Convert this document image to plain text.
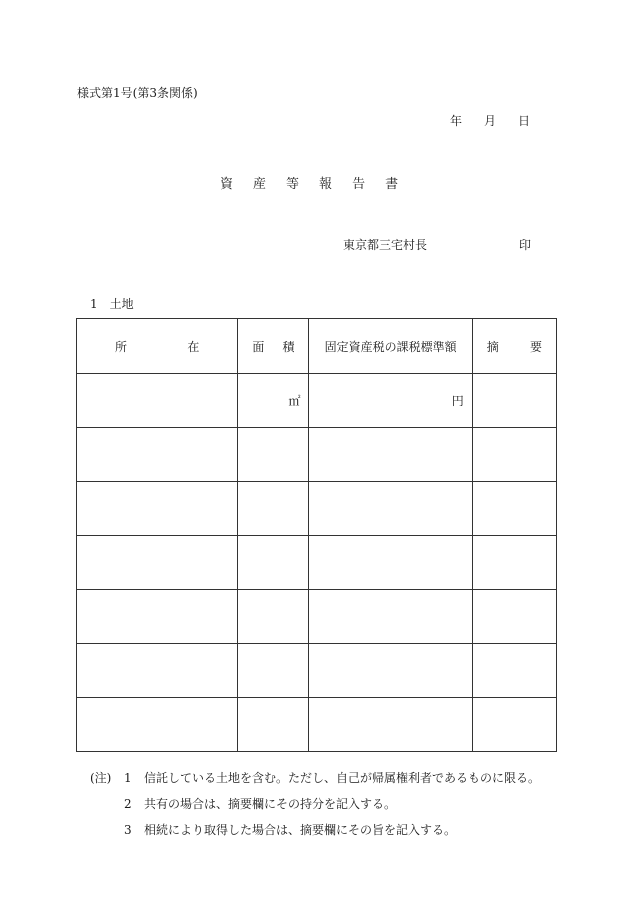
様式第1号(第3条関係)
年 月 日
資 産 等 報 告 書
東京都三宅村長	印
1　土地
所 在	面 積	固定資産税の課税標準額	摘 要

	㎡	円	

(注)	1	信託している土地を含む。ただし、自己が帰属権利者であるものに限る。
2	共有の場合は、摘要欄にその持分を記入する。
3	相続により取得した場合は、摘要欄にその旨を記入する。
